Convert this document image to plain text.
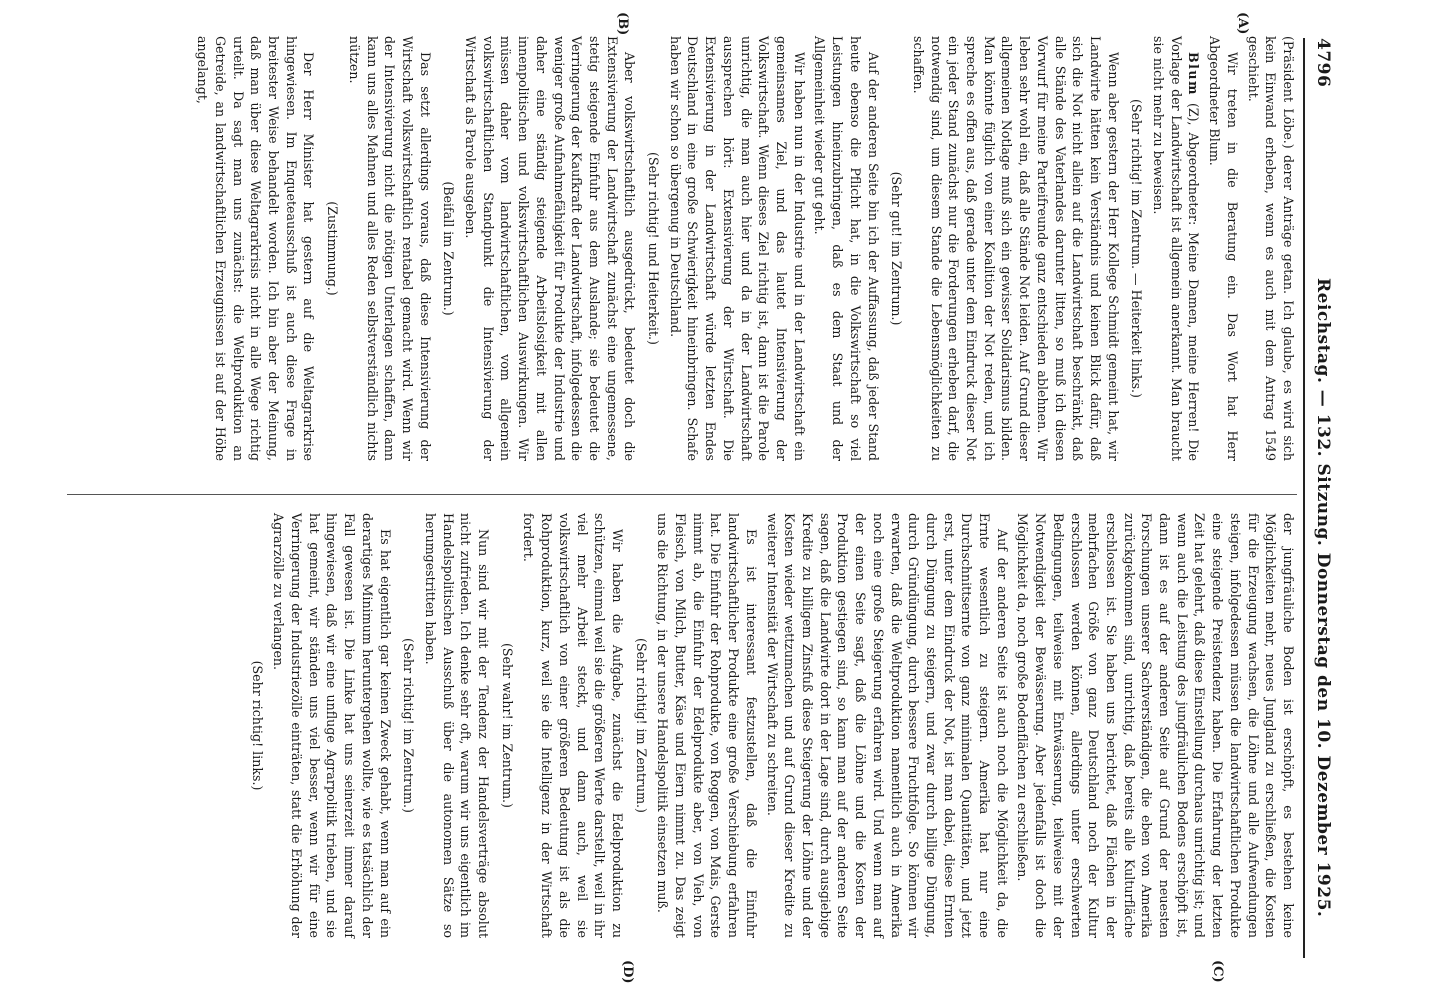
4796
Reichstag. — 132. Sitzung. Donnerstag den 10. Dezember 1925.
(A)
(B)
(C)
(D)

(Präsident Löbe.) derer Anträge getan. Ich glaube, es wird sich kein Einwand erheben, wenn es auch mit dem Antrag 1549 geschieht.

Wir treten in die Beratung ein. Das Wort hat Herr Abgeordneter Blum.

Blum (Z), Abgeordneter: Meine Damen, meine Herren! Die Vorlage der Landwirtschaft ist allgemein anerkannt. Man braucht sie nicht mehr zu beweisen.

(Sehr richtig! im Zentrum. — Heiterkeit links.)

Wenn aber gestern der Herr Kollege Schmidt gemeint hat, wir Landwirte hätten kein Verständnis und keinen Blick dafür, daß sich die Not nicht allein auf die Landwirtschaft beschränkt, daß alle Stände des Vaterlandes darunter litten, so muß ich diesen Vorwurf für meine Parteifreunde ganz entschieden ablehnen. Wir leben sehr wohl ein, daß alle Stände Not leiden. Auf Grund dieser allgemeinen Notlage muß sich ein gewisser Solidarismus bilden. Man könnte füglich von einer Koalition der Not reden, und ich spreche es offen aus, daß gerade unter dem Eindruck dieser Not ein jeder Stand zunächst nur die Forderungen erheben darf, die notwendig sind, um diesem Stande die Lebensmöglichkeiten zu schaffen.

(Sehr gut! im Zentrum.)

Auf der anderen Seite bin ich der Auffassung, daß jeder Stand heute ebenso die Pflicht hat, in die Volkswirtschaft so viel Leistungen hineinzubringen, daß es dem Staat und der Allgemeinheit wieder gut geht.

Wir haben nun in der Industrie und in der Landwirtschaft ein gemeinsames Ziel, und das lautet Intensivierung der Volkswirtschaft. Wenn dieses Ziel richtig ist, dann ist die Parole unrichtig, die man auch hier und da in der Landwirtschaft aussprechen hört: Extensivierung der Wirtschaft. Die Extensivierung in der Landwirtschaft würde letzten Endes Deutschland in eine große Schwierigkeit hineinbringen. Schafe haben wir schon so übergenug in Deutschland.

(Sehr richtig! und Heiterkeit.)

Aber volkswirtschaftlich ausgedrückt, bedeutet doch die Extensivierung der Landwirtschaft zunächst eine ungemessene, stetig steigende Einfuhr aus dem Auslande; sie bedeutet die Verringerung der Kaufkraft der Landwirtschaft, infolgedessen die weniger große Aufnahmefähigkeit für Produkte der Industrie und daher eine ständig steigende Arbeitslosigkeit mit allen innenpolitischen und volkswirtschaftlichen Auswirkungen. Wir müssen daher vom landwirtschaftlichen, vom allgemein volkswirtschaftlichen Standpunkt die Intensivierung der Wirtschaft als Parole ausgeben.

(Beifall im Zentrum.)

Das setzt allerdings voraus, daß diese Intensivierung der Wirtschaft volkswirtschaftlich rentabel gemacht wird. Wenn wir der Intensivierung nicht die nötigen Unterlagen schaffen, dann kann uns alles Mahnen und alles Reden selbstverständlich nichts nützen.

(Zustimmung.)

Der Herr Minister hat gestern auf die Weltagrarkrise hingewiesen. Im Enqueteausschuß ist auch diese Frage in breitester Weise behandelt worden. Ich bin aber der Meinung, daß man über diese Weltagrarkrisis nicht in alle Wege richtig urteilt. Da sagt man uns zunächst: die Weltproduktion an Getreide, an landwirtschaftlichen Erzeugnissen ist auf der Höhe angelangt,

der jungfräuliche Boden ist erschöpft, es bestehen keine Möglichkeiten mehr, neues Jungland zu erschließen, die Kosten für die Erzeugung wachsen, die Löhne und alle Aufwendungen steigen, infolgedessen müssen die landwirtschaftlichen Produkte eine steigende Preistendenz haben. Die Erfahrung der letzten Zeit hat gelehrt, daß diese Einstellung durchaus unrichtig ist; und wenn auch die Leistung des jungfräulichen Bodens erschöpft ist, dann ist es auf der anderen Seite auf Grund der neuesten Forschungen unserer Sachverständigen, die eben von Amerika zurückgekommen sind, unrichtig, daß bereits alle Kulturfläche erschlossen ist. Sie haben uns berichtet, daß Flächen in der mehrfachen Größe von ganz Deutschland noch der Kultur erschlossen werden können, allerdings unter erschwerten Bedingungen, teilweise mit Entwässerung, teilweise mit der Notwendigkeit der Bewässerung. Aber jedenfalls ist doch die Möglichkeit da, noch große Bodenflächen zu erschließen.

Auf der anderen Seite ist auch noch die Möglichkeit da, die Ernte wesentlich zu steigern. Amerika hat nur eine Durchschnittsernte von ganz minimalen Quantitäten, und jetzt erst, unter dem Eindruck der Not, ist man dabei, diese Ernten durch Düngung zu steigern, und zwar durch billige Düngung, durch Gründüngung, durch bessere Fruchtfolge. So können wir erwarten, daß die Weltproduktion namentlich auch in Amerika noch eine große Steigerung erfahren wird. Und wenn man auf der einen Seite sagt, daß die Löhne und die Kosten der Produktion gestiegen sind, so kann man auf der anderen Seite sagen, daß die Landwirte dort in der Lage sind, durch ausgiebige Kredite zu billigem Zinsfuß diese Steigerung der Löhne und der Kosten wieder wettzumachen und auf Grund dieser Kredite zu weiterer Intensität der Wirtschaft zu schreiten.

Es ist interessant festzustellen, daß die Einfuhr landwirtschaftlicher Produkte eine große Verschiebung erfahren hat. Die Einfuhr der Rohprodukte, von Roggen, von Mais, Gerste nimmt ab, die Einfuhr der Edelprodukte aber, von Vieh, von Fleisch, von Milch, Butter, Käse und Eiern nimmt zu. Das zeigt uns die Richtung, in der unsere Handelspolitik einsetzen muß.

(Sehr richtig! im Zentrum.)

Wir haben die Aufgabe, zunächst die Edelproduktion zu schützen, einmal weil sie die größeren Werte darstellt, weil in ihr viel mehr Arbeit steckt, und dann auch, weil sie volkswirtschaftlich von einer größeren Bedeutung ist als die Rohproduktion, kurz, weil sie die Intelligenz in der Wirtschaft fordert.

(Sehr wahr! im Zentrum.)

Nun sind wir mit der Tendenz der Handelsverträge absolut nicht zufrieden. Ich denke sehr oft, warum wir uns eigentlich im Handelspolitischen Ausschuß über die autonomen Sätze so herumgestritten haben.

(Sehr richtig! im Zentrum.)

Es hat eigentlich gar keinen Zweck gehabt, wenn man auf ein derartiges Minimum heruntergehen wollte, wie es tatsächlich der Fall gewesen ist. Die Linke hat uns seinerzeit immer darauf hingewiesen, daß wir eine unfluge Agrarpolitik trieben, und sie hat gemeint, wir ständen uns viel besser, wenn wir für eine Verringerung der Industriezölle einträten, statt die Erhöhung der Agrarzölle zu verlangen.

(Sehr richtig! links.)
